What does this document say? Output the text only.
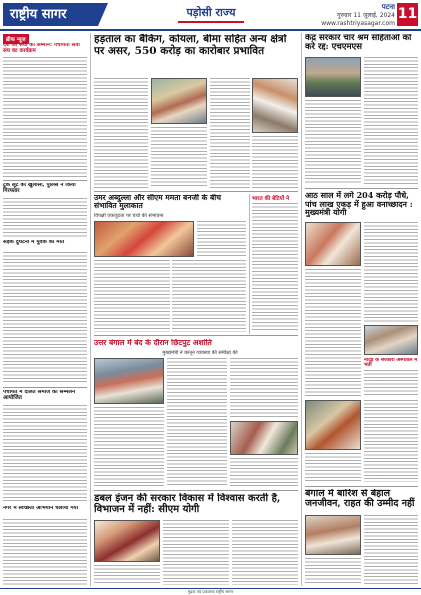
राष्ट्रीय सागर	पड़ोसी राज्य	पटना
गुरुवार 11 जुलाई, 2024
www.rashtriyasagar.com
11
ब्रीफ न्यूज
देश की सेवा का सम्मान: पंचायती सेवा संघ का कार्यक्रम
ट्रक लूट का खुलासा, पुलिस ने किया गिरफ्तार
सड़क दुर्घटना में युवक की मौत
पंचायत में दलित समाज का सम्मेलन आयोजित
नगर में स्वच्छता अभियान चलाया गया
हड़ताल का बैंकिंग, कोयला, बीमा सहित अन्य क्षेत्रों पर असर, 550 करोड़ का कारोबार प्रभावित
उमर अब्दुल्ला और सीएम ममता बनर्जी के बीच संभावित मुलाकात
विपक्षी एकजुटता पर चर्चा की संभावना
भारत की बेटियों ने
उत्तर बंगाल में बंद के दौरान छिटपुट अशांति
मुख्यमंत्री ने कानून व्यवस्था की समीक्षा की
डबल इंजन की सरकार विकास में विश्वास करती है, विभाजन में नहीं: सीएम योगी
केंद्र सरकार चार श्रम संहिताओं को करे रद्द: एचएमएस
आठ साल में लगे 204 करोड़ पौधे, पांच लाख एकड़ में हुआ वनाच्छादन : मुख्यमंत्री योगी
नादेड़ के सरकारी अस्पताल में भर्ती
बंगाल में बारिश से बेहाल जनजीवन, राहत की उम्मीद नहीं
मुद्रक एवं प्रकाशक राष्ट्रीय सागर
